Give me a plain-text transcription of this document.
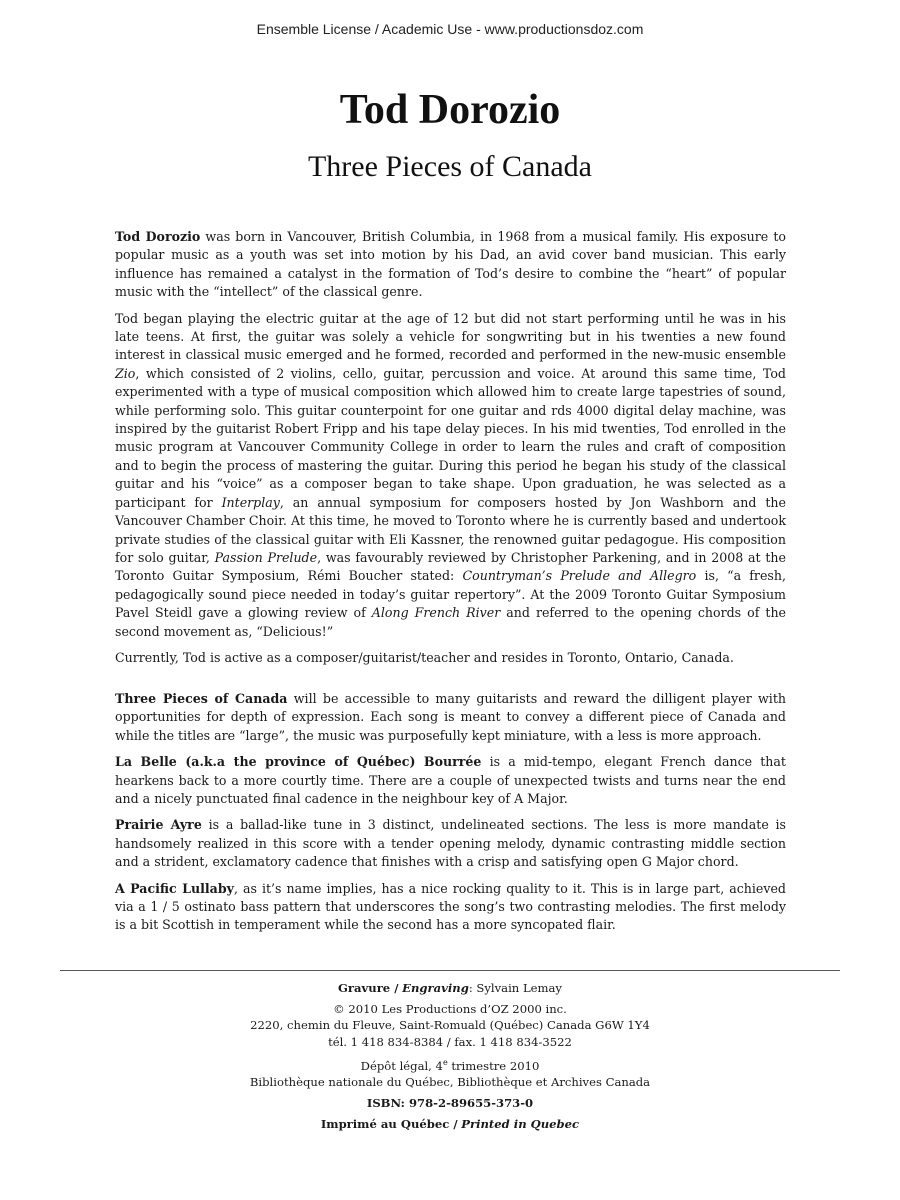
Ensemble License / Academic Use - www.productionsdoz.com
Tod Dorozio
Three Pieces of Canada

Tod Dorozio was born in Vancouver, British Columbia, in 1968 from a musical family. His exposure to popular music as a youth was set into motion by his Dad, an avid cover band musician. This early influence has remained a catalyst in the formation of Tod’s desire to combine the “heart” of popular music with the “intellect” of the classical genre.

Tod began playing the electric guitar at the age of 12 but did not start performing until he was in his late teens. At first, the guitar was solely a vehicle for songwriting but in his twenties a new found interest in classical music emerged and he formed, recorded and performed in the new-music ensemble Zio, which consisted of 2 violins, cello, guitar, percussion and voice. At around this same time, Tod experimented with a type of musical composition which allowed him to create large tapestries of sound, while performing solo. This guitar counterpoint for one guitar and rds 4000 digital delay machine, was inspired by the guitarist Robert Fripp and his tape delay pieces. In his mid twenties, Tod enrolled in the music program at Vancouver Community College in order to learn the rules and craft of composition and to begin the process of mastering the guitar. During this period he began his study of the classical guitar and his “voice” as a composer began to take shape. Upon graduation, he was selected as a participant for Interplay, an annual symposium for composers hosted by Jon Washborn and the Vancouver Chamber Choir. At this time, he moved to Toronto where he is currently based and undertook private studies of the classical guitar with Eli Kassner, the renowned guitar pedagogue. His composition for solo guitar, Passion Prelude, was favourably reviewed by Christopher Parkening, and in 2008 at the Toronto Guitar Symposium, Rémi Boucher stated: Countryman’s Prelude and Allegro is, “a fresh, pedagogically sound piece needed in today’s guitar repertory”. At the 2009 Toronto Guitar Symposium Pavel Steidl gave a glowing review of Along French River and referred to the opening chords of the second movement as, “Delicious!”

Currently, Tod is active as a composer/guitarist/teacher and resides in Toronto, Ontario, Canada.

Three Pieces of Canada will be accessible to many guitarists and reward the dilligent player with opportunities for depth of expression. Each song is meant to convey a different piece of Canada and while the titles are “large”, the music was purposefully kept miniature, with a less is more approach.

La Belle (a.k.a the province of Québec) Bourrée is a mid-tempo, elegant French dance that hearkens back to a more courtly time. There are a couple of unexpected twists and turns near the end and a nicely punctuated final cadence in the neighbour key of A Major.

Prairie Ayre is a ballad-like tune in 3 distinct, undelineated sections. The less is more mandate is handsomely realized in this score with a tender opening melody, dynamic contrasting middle section and a strident, exclamatory cadence that finishes with a crisp and satisfying open G Major chord.

A Pacific Lullaby, as it’s name implies, has a nice rocking quality to it. This is in large part, achieved via a 1 / 5 ostinato bass pattern that underscores the song’s two contrasting melodies. The first melody is a bit Scottish in temperament while the second has a more syncopated flair.

Gravure / Engraving: Sylvain Lemay
© 2010 Les Productions d’OZ 2000 inc.
2220, chemin du Fleuve, Saint-Romuald (Québec) Canada G6W 1Y4
tél. 1 418 834-8384 / fax. 1 418 834-3522
Dépôt légal, 4e trimestre 2010
Bibliothèque nationale du Québec, Bibliothèque et Archives Canada
ISBN: 978-2-89655-373-0
Imprimé au Québec / Printed in Quebec
